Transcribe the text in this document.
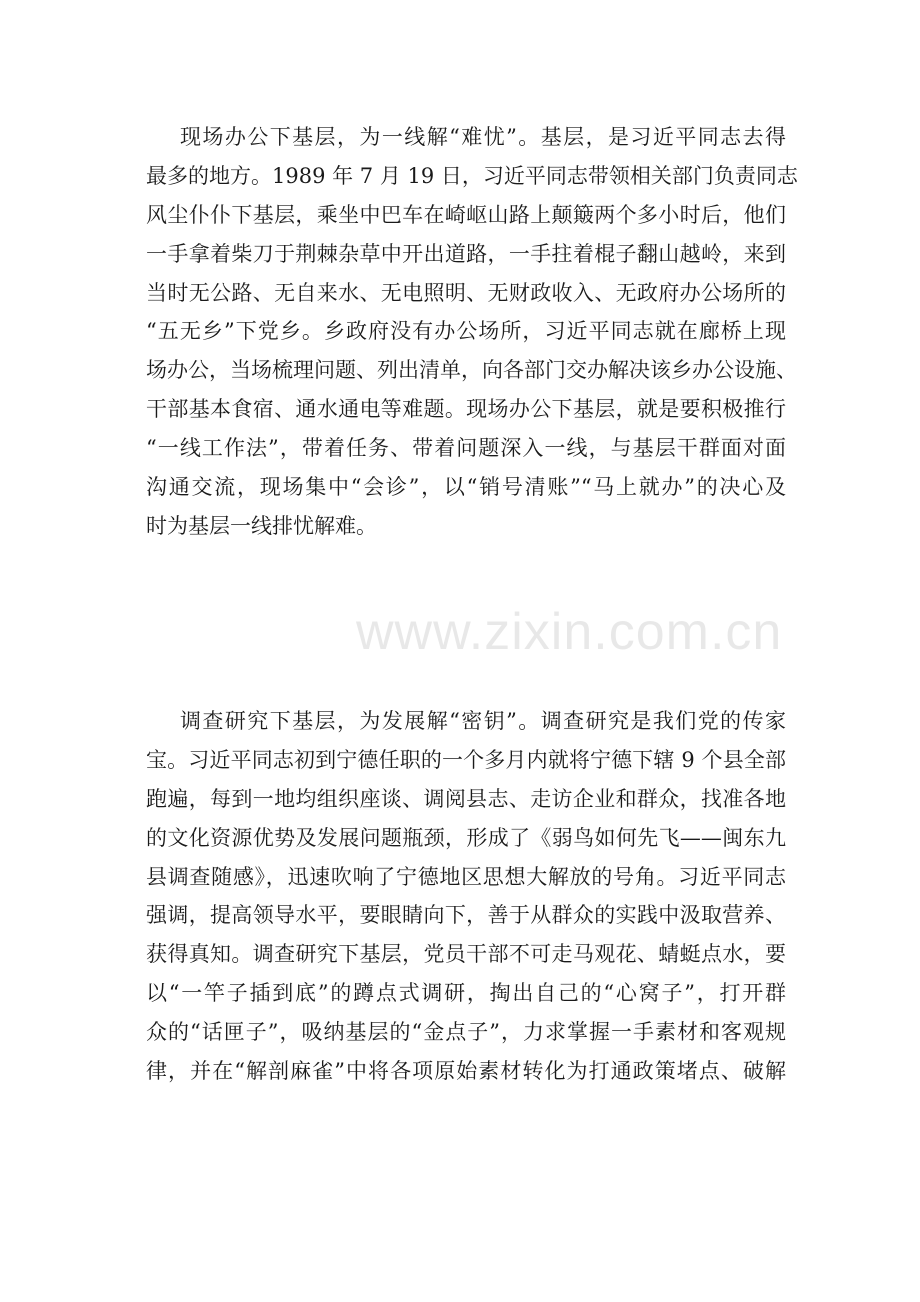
现场办公下基层，为一线解“难忧”。基层，是习近平同志去得
最多的地方。1989 年 7 月 19 日，习近平同志带领相关部门负责同志
风尘仆仆下基层，乘坐中巴车在崎岖山路上颠簸两个多小时后，他们
一手拿着柴刀于荆棘杂草中开出道路，一手拄着棍子翻山越岭，来到
当时无公路、无自来水、无电照明、无财政收入、无政府办公场所的
“五无乡”下党乡。乡政府没有办公场所，习近平同志就在廊桥上现
场办公，当场梳理问题、列出清单，向各部门交办解决该乡办公设施、
干部基本食宿、通水通电等难题。现场办公下基层，就是要积极推行
“一线工作法”，带着任务、带着问题深入一线，与基层干群面对面
沟通交流，现场集中“会诊”，以“销号清账”“马上就办”的决心及
时为基层一线排忧解难。
www.zixin.com.cn
调查研究下基层，为发展解“密钥”。调查研究是我们党的传家
宝。习近平同志初到宁德任职的一个多月内就将宁德下辖 9 个县全部
跑遍，每到一地均组织座谈、调阅县志、走访企业和群众，找准各地
的文化资源优势及发展问题瓶颈，形成了《弱鸟如何先飞——闽东九
县调查随感》，迅速吹响了宁德地区思想大解放的号角。习近平同志
强调，提高领导水平，要眼睛向下，善于从群众的实践中汲取营养、
获得真知。调查研究下基层，党员干部不可走马观花、蜻蜓点水，要
以“一竿子插到底”的蹲点式调研，掏出自己的“心窝子”，打开群
众的“话匣子”，吸纳基层的“金点子”，力求掌握一手素材和客观规
律，并在“解剖麻雀”中将各项原始素材转化为打通政策堵点、破解
